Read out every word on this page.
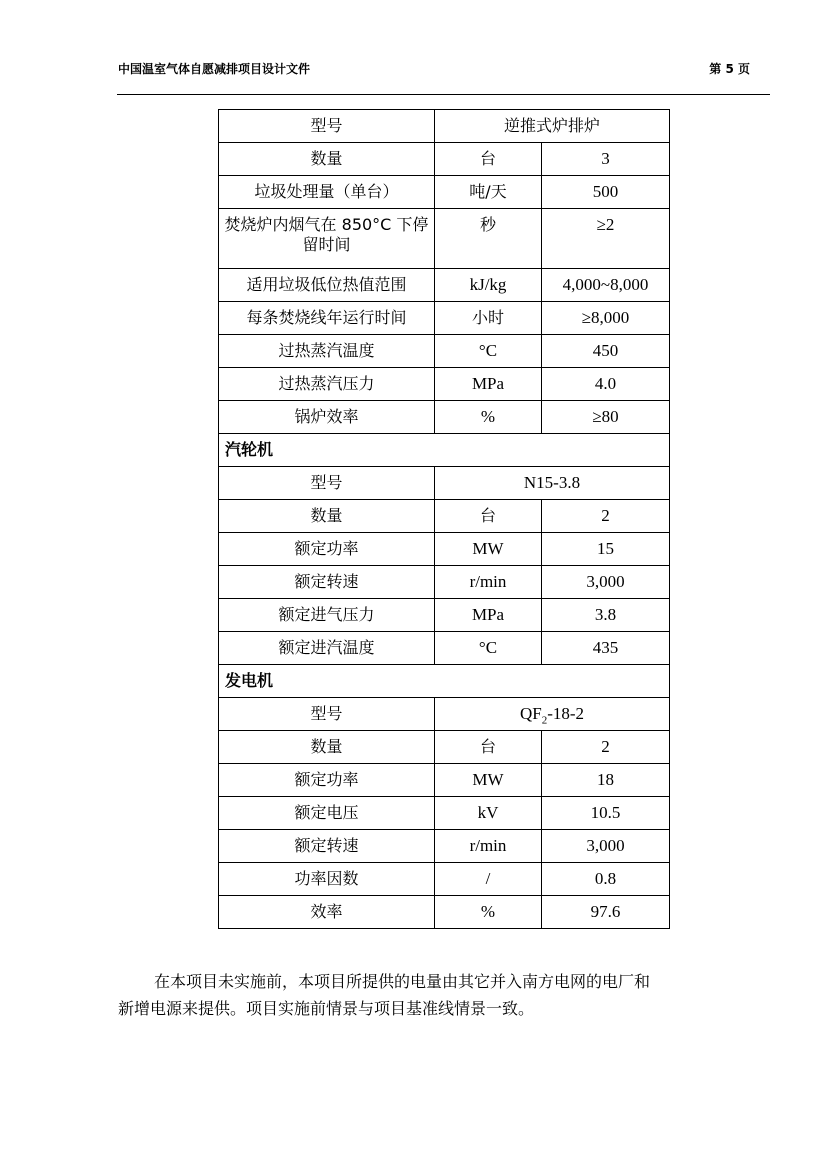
中国温室气体自愿减排项目设计文件	第 5 页
型号	逆推式炉排炉	
数量	台	3
垃圾处理量（单台）	吨/天	500
焚烧炉内烟气在 850°C 下停留时间	秒	≥2
适用垃圾低位热值范围	kJ/kg	4,000~8,000
每条焚烧线年运行时间	小时	≥8,000
过热蒸汽温度	°C	450
过热蒸汽压力	MPa	4.0
锅炉效率	%	≥80
汽轮机		
型号	N15-3.8	
数量	台	2
额定功率	MW	15
额定转速	r/min	3,000
额定进气压力	MPa	3.8
额定进汽温度	°C	435
发电机		
型号	$QF_2-18-2$	
数量	台	2
额定功率	MW	18
额定电压	kV	10.5
额定转速	r/min	3,000
功率因数	/	0.8
效率	%	97.6
在本项目未实施前，本项目所提供的电量由其它并入南方电网的电厂和
新增电源来提供。项目实施前情景与项目基准线情景一致。
